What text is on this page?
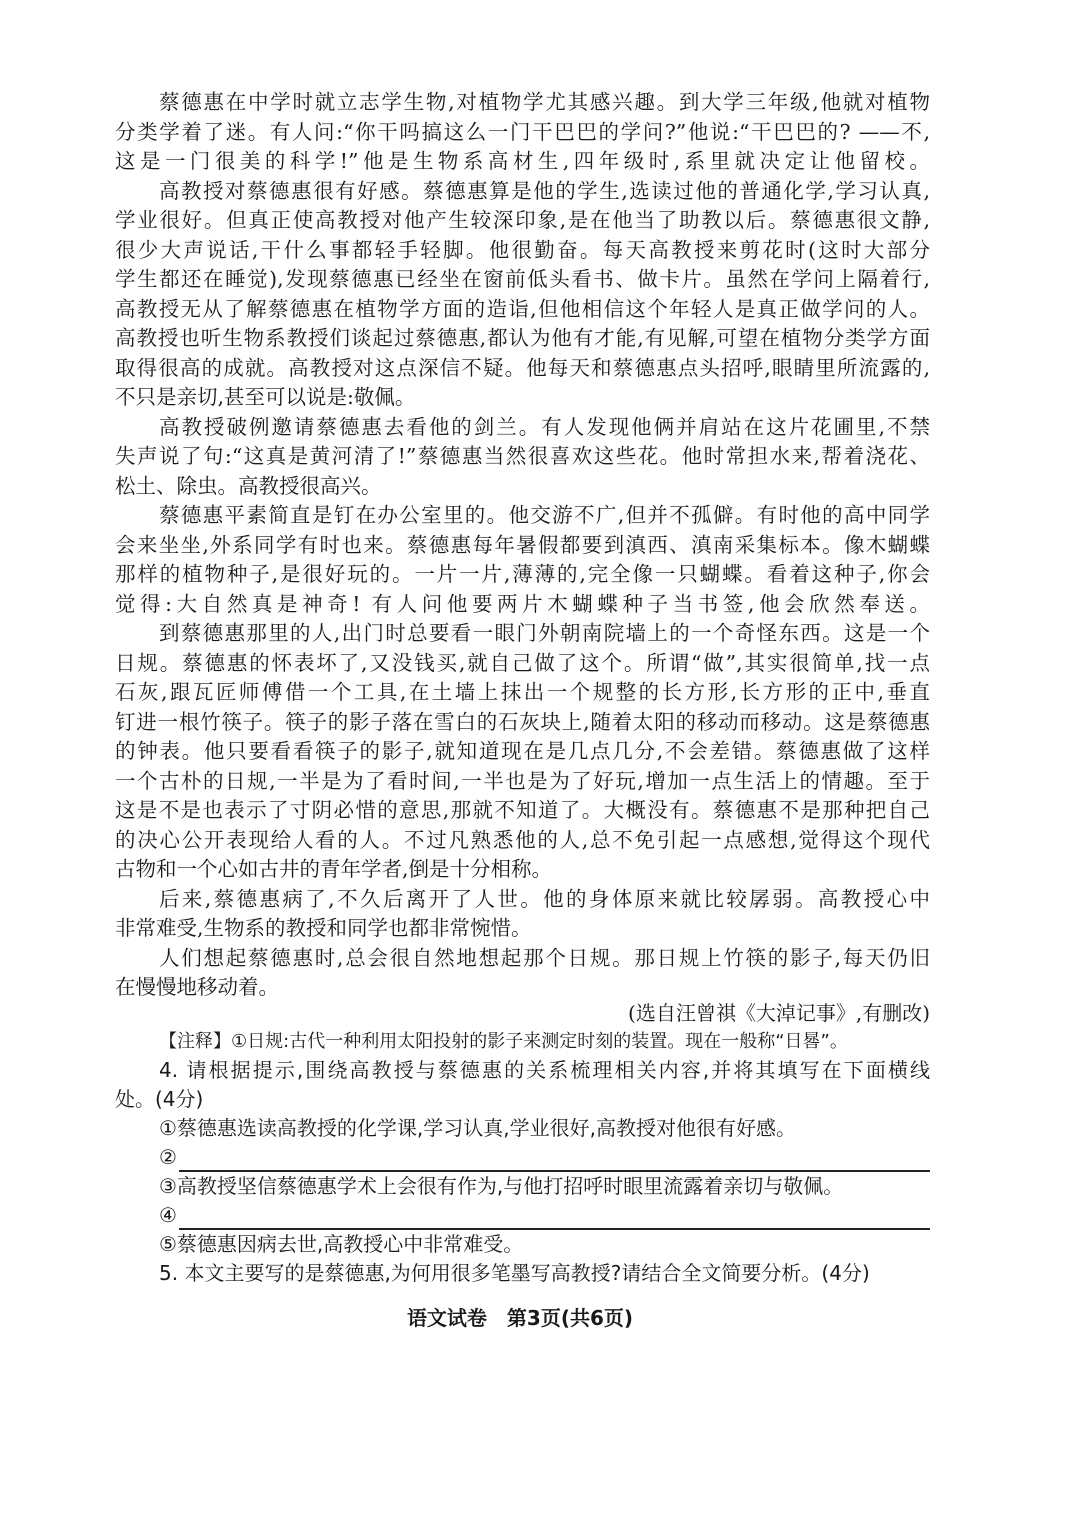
蔡德惠在中学时就立志学生物,对植物学尤其感兴趣。到大学三年级,他就对植物
分类学着了迷。有人问:“你干吗搞这么一门干巴巴的学问?”他说:“干巴巴的? ——不,
这是一门很美的科学!”他是生物系高材生,四年级时,系里就决定让他留校。
高教授对蔡德惠很有好感。蔡德惠算是他的学生,选读过他的普通化学,学习认真,
学业很好。但真正使高教授对他产生较深印象,是在他当了助教以后。蔡德惠很文静,
很少大声说话,干什么事都轻手轻脚。他很勤奋。每天高教授来剪花时(这时大部分
学生都还在睡觉),发现蔡德惠已经坐在窗前低头看书、做卡片。虽然在学问上隔着行,
高教授无从了解蔡德惠在植物学方面的造诣,但他相信这个年轻人是真正做学问的人。
高教授也听生物系教授们谈起过蔡德惠,都认为他有才能,有见解,可望在植物分类学方面
取得很高的成就。高教授对这点深信不疑。他每天和蔡德惠点头招呼,眼睛里所流露的,
不只是亲切,甚至可以说是:敬佩。
高教授破例邀请蔡德惠去看他的剑兰。有人发现他俩并肩站在这片花圃里,不禁
失声说了句:“这真是黄河清了!”蔡德惠当然很喜欢这些花。他时常担水来,帮着浇花、
松土、除虫。高教授很高兴。
蔡德惠平素简直是钉在办公室里的。他交游不广,但并不孤僻。有时他的高中同学
会来坐坐,外系同学有时也来。蔡德惠每年暑假都要到滇西、滇南采集标本。像木蝴蝶
那样的植物种子,是很好玩的。一片一片,薄薄的,完全像一只蝴蝶。看着这种子,你会
觉得:大自然真是神奇! 有人问他要两片木蝴蝶种子当书签,他会欣然奉送。
到蔡德惠那里的人,出门时总要看一眼门外朝南院墙上的一个奇怪东西。这是一个
日规。蔡德惠的怀表坏了,又没钱买,就自己做了这个。所谓“做”,其实很简单,找一点
石灰,跟瓦匠师傅借一个工具,在土墙上抹出一个规整的长方形,长方形的正中,垂直
钉进一根竹筷子。筷子的影子落在雪白的石灰块上,随着太阳的移动而移动。这是蔡德惠
的钟表。他只要看看筷子的影子,就知道现在是几点几分,不会差错。蔡德惠做了这样
一个古朴的日规,一半是为了看时间,一半也是为了好玩,增加一点生活上的情趣。至于
这是不是也表示了寸阴必惜的意思,那就不知道了。大概没有。蔡德惠不是那种把自己
的决心公开表现给人看的人。不过凡熟悉他的人,总不免引起一点感想,觉得这个现代
古物和一个心如古井的青年学者,倒是十分相称。
后来,蔡德惠病了,不久后离开了人世。他的身体原来就比较孱弱。高教授心中
非常难受,生物系的教授和同学也都非常惋惜。
人们想起蔡德惠时,总会很自然地想起那个日规。那日规上竹筷的影子,每天仍旧
在慢慢地移动着。
(选自汪曾祺《大淖记事》,有删改)
【注释】①日规:古代一种利用太阳投射的影子来测定时刻的装置。现在一般称“日晷”。
4. 请根据提示,围绕高教授与蔡德惠的关系梳理相关内容,并将其填写在下面横线
处。(4分)
①蔡德惠选读高教授的化学课,学习认真,学业很好,高教授对他很有好感。
②
③高教授坚信蔡德惠学术上会很有作为,与他打招呼时眼里流露着亲切与敬佩。
④
⑤蔡德惠因病去世,高教授心中非常难受。
5. 本文主要写的是蔡德惠,为何用很多笔墨写高教授?请结合全文简要分析。(4分)
语文试卷　第3页(共6页)
